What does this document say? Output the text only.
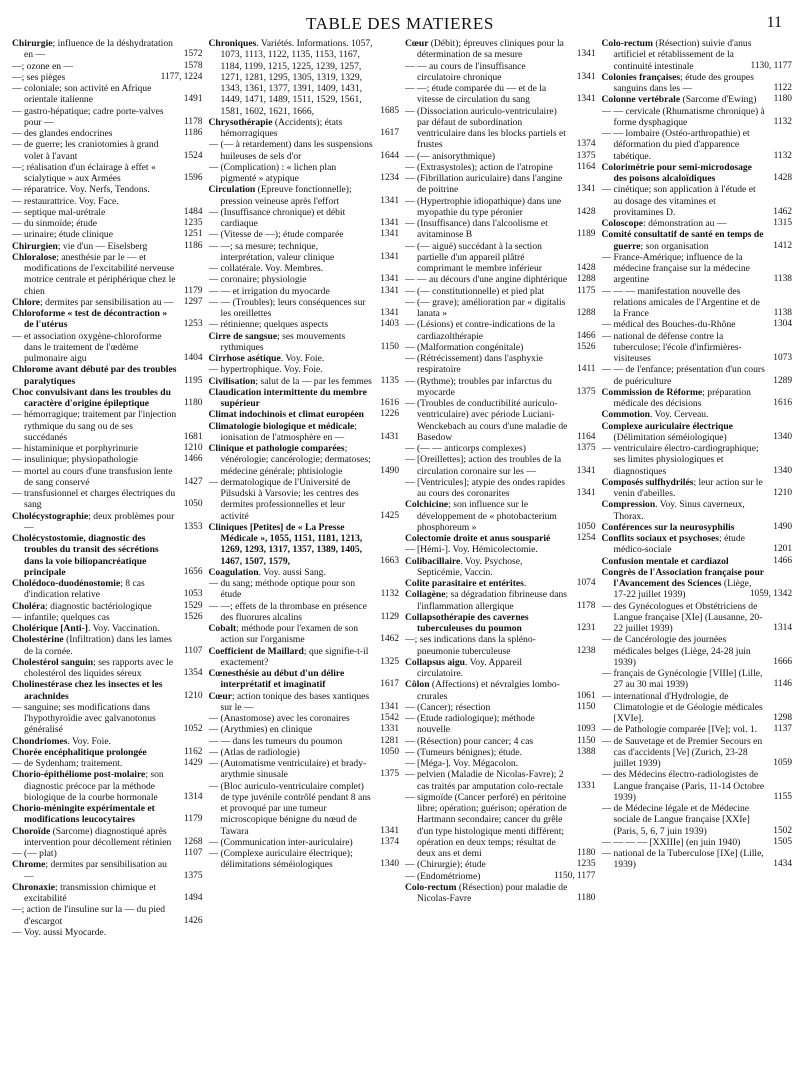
TABLE DES MATIERES	11
Chirurgie; influence de la déshydratation en —	1572
—; ozone en —	1578
—; ses pièges	1177, 1224
— coloniale; son activité en Afrique orientale italienne	1491
— gastro-hépatique; cadre porte-valves pour —	1178
— des glandes endocrines	1186
— de guerre; les craniotomies à grand volet à l'avant	1524
—; réalisation d'un éclairage à effet « scialytique » aux Armées	1596
— réparatrice. Voy. Nerfs, Tendons.
— restaurattrice. Voy. Face.
— septique mal-urétrale	1484
— du sinmoïde; étude	1235
— urinaire; étude clinique	1251
Chirurgien; vie d'un — Eiselsberg	1186
Chloralose; anesthésie par le — et modifications de l'excitabilité nerveuse motrice centrale et périphérique chez le chien	1179
Chlore; dermites par sensibilisation au — 1297
Chloroforme « test de décontraction » de l'utérus	1253
— et association oxygène-chloroforme dans le traitement de l'œdème pulmonaire aigu	1404
Chlorome avant débuté par des troubles paralytiques	1195
Choc convulsivant dans les troubles du caractère d'origine épileptique	1180
— hémorragique; traitement par l'injection rythmique du sang ou de ses succédanés	1681
— histaminique et porphyrinurie	1210
— insulinique; physiopathologie	1466
— mortel au cours d'une transfusion lente de sang conservé	1427
— transfusionnel et charges électriques du sang	1050
Cholécystographie; deux problèmes pour —	1353
Cholécystostomie, diagnostic des troubles du transit des sécrétions dans la voie biliopancréatique principale	1656
Cholédoco-duodénostomie; 8 cas d'indication relative	1053
Choléra; diagnostic bactériologique	1529
— infantile; quelques cas	1526
Cholérique [Anti-]. Voy. Vaccination.
Cholestérine (Infiltration) dans les lames de la cornée.	1107
Cholestérol sanguin; ses rapports avec le cholestérol des liquides séreux	1354
Cholinestérase chez les insectes et les arachnides	1210
— sanguine; ses modifications dans l'hypothyroïdie avec galvanotonus généralisé	1052
Chondriomes. Voy. Foie.
Chorée encéphalitique prolongée	1162
— de Sydenham; traitement.	1429
Chorio-épithéliome post-molaire; son diagnostic précoce par la méthode biologique de la courbe hormonale	1314
Chorio-méningite expérimentale et modifications leucocytaires	1179
Choroïde (Sarcome) diagnostiqué après intervention pour décollement rétinien 1268
— (— plat)	1107
Chrome; dermites par sensibilisation au —	1375
Chronaxie; transmission chimique et excitabilité	1494
—; action de l'insuline sur la — du pied d'escargot	1426
— Voy. aussi Myocarde.
Chroniques. Variétés. Informations. 1057, 1073, 1113, 1122, 1135, 1153, 1167, 1184, 1199, 1215, 1225, 1239, 1257, 1271, 1281, 1295, 1305, 1319, 1329, 1343, 1361, 1377, 1391, 1409, 1431, 1449, 1471, 1489, 1511, 1529, 1561, 1581, 1602, 1621, 1666,	1685
Chrysothérapie (Accidents); états hémorragiques	1617
— (— à retardement) dans les suspensions huileuses de sels d'or	1644
— (Complication) : « lichen plan pigmenté » atypique	1234
Circulation (Epreuve fonctionnelle); pression veineuse après l'effort	1341
— (Insuffisance chronique) et débit cardiaque	1341
— (Vitesse de —); étude comparée	1341
— —; sa mesure; technique, interprétation, valeur clinique	1341
— collatérale. Voy. Membres.
— coronaire; physiologie	1341
— — et irrigation du myocarde	1341
— — (Troubles); leurs conséquences sur les oreillettes	1341
— rétinienne; quelques aspects	1403
Cirre de sangsue; ses mouvements rythmiques	1150
Cirrhose asétique. Voy. Foie.
— hypertrophique. Voy. Foie.
Civilisation; salut de la — par les femmes 1135
Claudication intermittente du membre supérieur	1616
Climat indochinois et climat européen 1226
Climatologie biologique et médicale; ionisation de l'atmosphère en —	1431
Clinique et pathologie comparées; vénérologie; cancérologie; dermatoses; médecine générale; phtisiologie	1490
— dermatologique de l'Université de Pilsudski à Varsovie; les centres des dermites professionnelles et leur activité	1425
Cliniques [Petites] de « La Presse Médicale », 1055, 1151, 1181, 1213, 1269, 1293, 1317, 1357, 1389, 1405, 1467, 1507, 1579,	1663
Coagulation. Voy. aussi Sang.
— du sang; méthode optique pour son étude	1132
— —; effets de la thrombase en présence des fluorures alcalins	1129
Cobalt; méthode pour l'examen de son action sur l'organisme	1462
Coefficient de Maillard; que signifie-t-il exactement?	1325
Cœnesthésie au début d'un délire interprétatif et imaginatif	1617
Cœur; action tonique des bases xantiques sur le —	1341
— (Anastomose) avec les coronaires	1542
— (Arythmies) en clinique	1331
— — dans les tumeurs du poumon	1281
— (Atlas de radiologie)	1050
— (Automatisme ventriculaire) et brady-arythmie sinusale	1375
— (Bloc auriculo-ventriculaire complet) de type juvénile contrôlé pendant 8 ans et provoqué par une tumeur microscopique bénigne du nœud de Tawara	1341
— (Communication inter-auriculaire)	1374
— (Complexe auriculaire électrique); délimitations séméiologiques	1340
Cœur (Débit); épreuves cliniques pour la détermination de sa mesure	1341
— — au cours de l'insuffisance circulatoire chronique	1341
— —; étude comparée du — et de la vitesse de circulation du sang	1341
— (Dissociation auriculo-ventriculaire) par défaut de subordination ventriculaire dans les blocks partiels et frustes	1374
— (— anisorythmique)	1375
— (Extrasystoles); action de l'atropine	1164
— (Fibrillation auriculaire) dans l'angine de poitrine	1341
— (Hypertrophie idiopathique) dans une myopathie du type péronier	1428
— (Insuffisance) dans l'alcoolisme et avitaminose B	1189
— (— aiguë) succédant à la section partielle d'un appareil plâtré comprimant le membre inférieur	1428
— — au décours d'une angine diphtérique 1288
— (— constitutionnelle) et pied plat	1175
— (— grave); amélioration par « digitalis lanata »	1288
— (Lésions) et contre-indications de la cardiazolthérapie	1466
— (Malformation congénitale)	1526
— (Rétrécissement) dans l'asphyxie respiratoire	1411
— (Rythme); troubles par infarctus du myocarde	1375
— (Troubles de conductibilité auriculo-ventriculaire) avec période Luciani-Wenckebach au cours d'une maladie de Basedow	1164
— (— — anticorps complexes)	1375
— [Oreillettes]; action des troubles de la circulation coronaire sur les —	1341
— [Ventricules]; atypie des ondes rapides au cours des coronarites	1341
Colchicine; son influence sur le développement de « photobacterium phosphoreum »	1050
Colectomie droite et anus sousparié	1254
— [Hémi-]. Voy. Hémicolectomie.
Colibacillaire. Voy. Psychose, Septicémie, Vaccin.
Colite parasitaire et entérites.	1074
Collagène; sa dégradation fibrineuse dans l'inflammation allergique	1178
Collapsothérapie des cavernes tuberculeuses du poumon	1231
—; ses indications dans la spléno-pneumonie tuberculeuse	1238
Collapsus aigu. Voy. Appareil circulatoire.
Côlon (Affections) et névralgies lombo-crurales	1061
— (Cancer); résection	1150
— (Etude radiologique); méthode nouvelle	1093
— (Résection) pour cancer; 4 cas	1150
— (Tumeurs bénignes); étude.	1388
— [Méga-]. Voy. Mégacolon.
— pelvien (Maladie de Nicolas-Favre); 2 cas traités par amputation colo-rectale 1331
— sigmoïde (Cancer perforé) en péritoine libre; opération; guérison; opération de Hartmann secondaire; cancer du grêle d'un type histologique menti différent; opération en deux temps; résultat de deux ans et demi	1180
— (Chirurgie); étude	1235
— (Endométriome)	1150, 1177
Colo-rectum (Résection) pour maladie de Nicolas-Favre	1180
Colo-rectum (Résection) suivie d'anus artificiel et rétablissement de la continuité intestinale	1130, 1177
Colonies françaises; étude des groupes sanguins dans les —	1122
Colonne vertébrale (Sarcome d'Ewing) 1180
— — cervicale (Rhumatisme chronique) à forme dysphagique	1132
— — lombaire (Ostéo-arthropathie) et déformation du pied d'apparence tabétique.	1132
Colorimétrie pour semi-microdosage des poisons alcaloïdiques	1428
— cinétique; son application à l'étude et au dosage des vitamines et provitamines D.	1462
Coloscope: démonstration au —	1315
Comité consultatif de santé en temps de guerre; son organisation	1412
— France-Amérique; influence de la médecine française sur la médecine argentine	1138
— — — manifestation nouvelle des relations amicales de l'Argentine et de la France	1138
— médical des Bouches-du-Rhône	1304
— national de défense contre la tuberculose; l'école d'infirmières-visiteuses	1073
— — de l'enfance; présentation d'un cours de puériculture	1289
Commission de Réforme; préparation médicale des décisions	1616
Commotion. Voy. Cerveau.
Complexe auriculaire électrique (Délimitation séméiologique)	1340
— ventriculaire électro-cardiographique; ses limites physiologiques et diagnostiques	1340
Composés sulfhydrilés; leur action sur le venin d'abeilles.	1210
Compression. Voy. Sinus caverneux, Thorax.
Conférences sur la neurosyphilis	1490
Conflits sociaux et psychoses; étude médico-sociale	1201
Confusion mentale et cardiazol	1466
Congrès de l'Association française pour l'Avancement des Sciences (Liège, 17-22 juillet 1939)	1059, 1342
— des Gynécologues et Obstétriciens de Langue française [XIe] (Lausanne, 20-22 juillet 1939)	1314
— de Cancérologie des journées médicales belges (Liège, 24-28 juin 1939)	1666
— français de Gynécologie [VIIIe] (Lille, 27 au 30 mai 1939)	1146
— international d'Hydrologie, de Climatologie et de Géologie médicales [XVIe].	1298
— de Pathologie comparée [IVe]; vol. 1. 1137
— de Sauvetage et de Premier Secours en cas d'accidents [Ve] (Zurich, 23-28 juillet 1939)	1059
— des Médecins électro-radiologistes de Langue française (Paris, 11-14 Octobre 1939)	1155
— de Médecine légale et de Médecine sociale de Langue française [XXIe] (Paris, 5, 6, 7 juin 1939)	1502
— — — — [XXIIIe] (en juin 1940)	1505
— national de la Tuberculose [IXe] (Lille, 1939)	1434
